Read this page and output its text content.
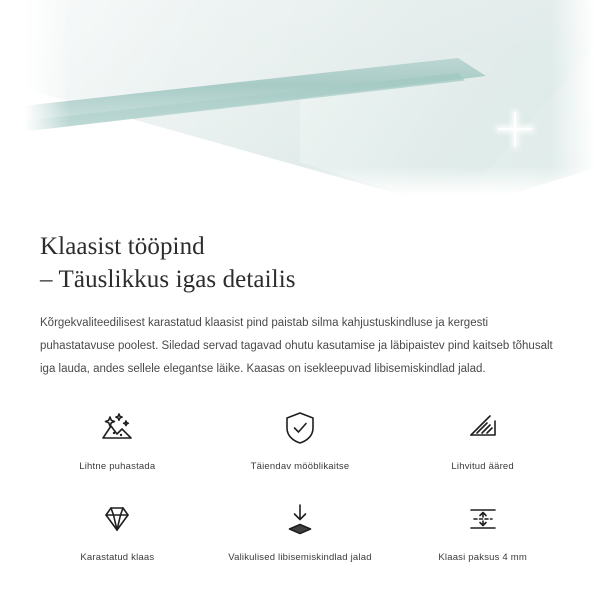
Klaasist tööpind
– Täuslikkus igas detailis

Kõrgekvaliteedilisest karastatud klaasist pind paistab silma kahjustuskindluse ja kergesti puhastatavuse poolest. Siledad servad tagavad ohutu kasutamise ja läbipaistev pind kaitseb tõhusalt iga lauda, andes sellele elegantse läike. Kaasas on isekleepuvad libisemiskindlad jalad.

Lihtne puhastada	Täiendav mööblikaitse	Lihvitud ääred
Karastatud klaas	Valikulised libisemiskindlad jalad	Klaasi paksus 4 mm
